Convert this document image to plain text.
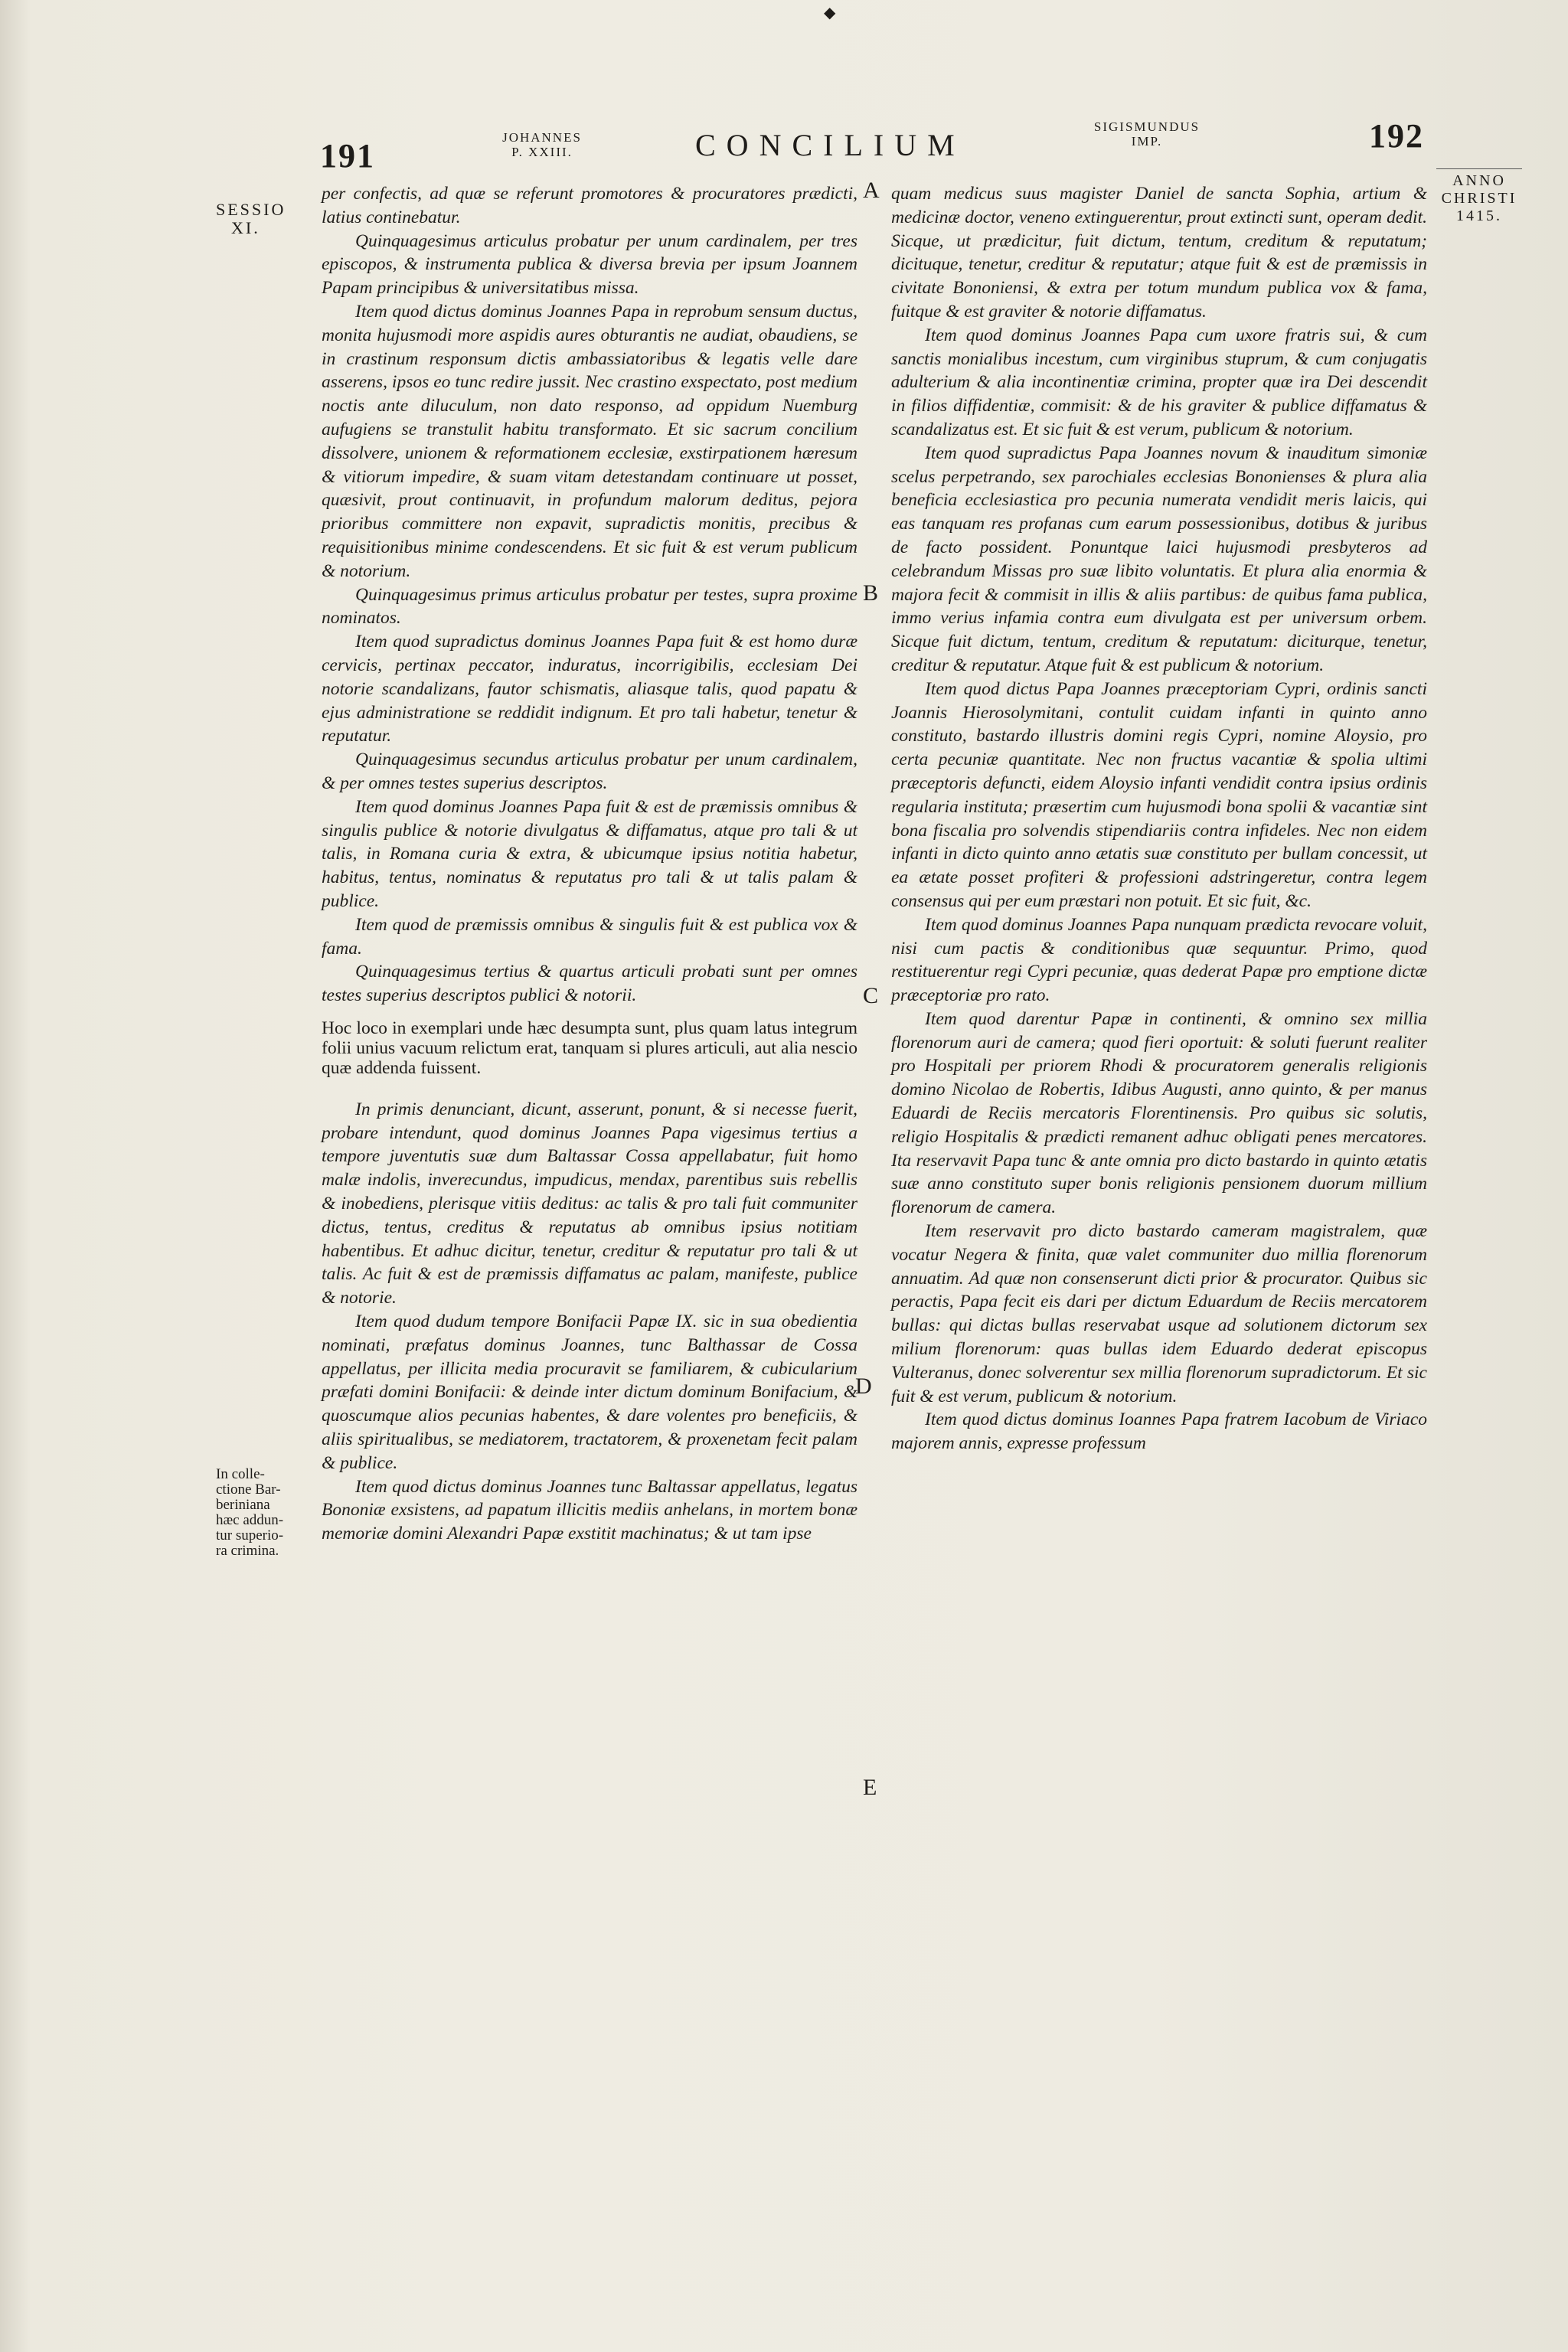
◆
191	JOHANNES
P. XXIII.	CONCILIUM
SIGISMUNDUS
IMP.	192
SESSIO
XI.
ANNO
CHRISTI
1415.
In colle-
ctione Bar-
beriniana
hæc addun-
tur superio-
ra crimina.
A
B
C
D
E

per confectis, ad quæ se referunt promotores & procuratores prædicti, latius continebatur.

Quinquagesimus articulus probatur per unum cardinalem, per tres episcopos, & instrumenta publica & diversa brevia per ipsum Joannem Papam principibus & universitatibus missa.

Item quod dictus dominus Joannes Papa in reprobum sensum ductus, monita hujusmodi more aspidis aures obturantis ne audiat, obaudiens, se in crastinum responsum dictis ambassiatoribus & legatis velle dare asserens, ipsos eo tunc redire jussit. Nec crastino exspectato, post medium noctis ante diluculum, non dato responso, ad oppidum Nuemburg aufugiens se transtulit habitu transformato. Et sic sacrum concilium dissolvere, unionem & reformationem ecclesiæ, exstirpationem hæresum & vitiorum impedire, & suam vitam detestandam continuare ut posset, quæsivit, prout continuavit, in profundum malorum deditus, pejora prioribus committere non expavit, supradictis monitis, precibus & requisitionibus minime condescendens. Et sic fuit & est verum publicum & notorium.

Quinquagesimus primus articulus probatur per testes, supra proxime nominatos.

Item quod supradictus dominus Joannes Papa fuit & est homo duræ cervicis, pertinax peccator, induratus, incorrigibilis, ecclesiam Dei notorie scandalizans, fautor schismatis, aliasque talis, quod papatu & ejus administratione se reddidit indignum. Et pro tali habetur, tenetur & reputatur.

Quinquagesimus secundus articulus probatur per unum cardinalem, & per omnes testes superius descriptos.

Item quod dominus Joannes Papa fuit & est de præmissis omnibus & singulis publice & notorie divulgatus & diffamatus, atque pro tali & ut talis, in Romana curia & extra, & ubicumque ipsius notitia habetur, habitus, tentus, nominatus & reputatus pro tali & ut talis palam & publice.

Item quod de præmissis omnibus & singulis fuit & est publica vox & fama.

Quinquagesimus tertius & quartus articuli probati sunt per omnes testes superius descriptos publici & notorii.

Hoc loco in exemplari unde hæc desumpta sunt, plus quam latus integrum folii unius vacuum relictum erat, tanquam si plures articuli, aut alia nescio quæ addenda fuissent.

In primis denunciant, dicunt, asserunt, ponunt, & si necesse fuerit, probare intendunt, quod dominus Joannes Papa vigesimus tertius a tempore juventutis suæ dum Baltassar Cossa appellabatur, fuit homo malæ indolis, inverecundus, impudicus, mendax, parentibus suis rebellis & inobediens, plerisque vitiis deditus: ac talis & pro tali fuit communiter dictus, tentus, creditus & reputatus ab omnibus ipsius notitiam habentibus. Et adhuc dicitur, tenetur, creditur & reputatur pro tali & ut talis. Ac fuit & est de præmissis diffamatus ac palam, manifeste, publice & notorie.

Item quod dudum tempore Bonifacii Papæ IX. sic in sua obedientia nominati, præfatus dominus Joannes, tunc Balthassar de Cossa appellatus, per illicita media procuravit se familiarem, & cubicularium præfati domini Bonifacii: & deinde inter dictum dominum Bonifacium, & quoscumque alios pecunias habentes, & dare volentes pro beneficiis, & aliis spiritualibus, se mediatorem, tractatorem, & proxenetam fecit palam & publice.

Item quod dictus dominus Joannes tunc Baltassar appellatus, legatus Bononiæ exsistens, ad papatum illicitis mediis anhelans, in mortem bonæ memoriæ domini Alexandri Papæ exstitit machinatus; & ut tam ipse

quam medicus suus magister Daniel de sancta Sophia, artium & medicinæ doctor, veneno extinguerentur, prout extincti sunt, operam dedit. Sicque, ut prædicitur, fuit dictum, tentum, creditum & reputatum; dicituque, tenetur, creditur & reputatur; atque fuit & est de præmissis in civitate Bononiensi, & extra per totum mundum publica vox & fama, fuitque & est graviter & notorie diffamatus.

Item quod dominus Joannes Papa cum uxore fratris sui, & cum sanctis monialibus incestum, cum virginibus stuprum, & cum conjugatis adulterium & alia incontinentiæ crimina, propter quæ ira Dei descendit in filios diffidentiæ, commisit: & de his graviter & publice diffamatus & scandalizatus est. Et sic fuit & est verum, publicum & notorium.

Item quod supradictus Papa Joannes novum & inauditum simoniæ scelus perpetrando, sex parochiales ecclesias Bononienses & plura alia beneficia ecclesiastica pro pecunia numerata vendidit meris laicis, qui eas tanquam res profanas cum earum possessionibus, dotibus & juribus de facto possident. Ponuntque laici hujusmodi presbyteros ad celebrandum Missas pro suæ libito voluntatis. Et plura alia enormia & majora fecit & commisit in illis & aliis partibus: de quibus fama publica, immo verius infamia contra eum divulgata est per universum orbem. Sicque fuit dictum, tentum, creditum & reputatum: diciturque, tenetur, creditur & reputatur. Atque fuit & est publicum & notorium.

Item quod dictus Papa Joannes præceptoriam Cypri, ordinis sancti Joannis Hierosolymitani, contulit cuidam infanti in quinto anno constituto, bastardo illustris domini regis Cypri, nomine Aloysio, pro certa pecuniæ quantitate. Nec non fructus vacantiæ & spolia ultimi præceptoris defuncti, eidem Aloysio infanti vendidit contra ipsius ordinis regularia instituta; præsertim cum hujusmodi bona spolii & vacantiæ sint bona fiscalia pro solvendis stipendiariis contra infideles. Nec non eidem infanti in dicto quinto anno ætatis suæ constituto per bullam concessit, ut ea ætate posset profiteri & professioni adstringeretur, contra legem consensus qui per eum præstari non potuit. Et sic fuit, &c.

Item quod dominus Joannes Papa nunquam prædicta revocare voluit, nisi cum pactis & conditionibus quæ sequuntur. Primo, quod restituerentur regi Cypri pecuniæ, quas dederat Papæ pro emptione dictæ præceptoriæ pro rato.

Item quod darentur Papæ in continenti, & omnino sex millia florenorum auri de camera; quod fieri oportuit: & soluti fuerunt realiter pro Hospitali per priorem Rhodi & procuratorem generalis religionis domino Nicolao de Robertis, Idibus Augusti, anno quinto, & per manus Eduardi de Reciis mercatoris Florentinensis. Pro quibus sic solutis, religio Hospitalis & prædicti remanent adhuc obligati penes mercatores. Ita reservavit Papa tunc & ante omnia pro dicto bastardo in quinto ætatis suæ anno constituto super bonis religionis pensionem duorum millium florenorum de camera.

Item reservavit pro dicto bastardo cameram magistralem, quæ vocatur Negera & finita, quæ valet communiter duo millia florenorum annuatim. Ad quæ non consenserunt dicti prior & procurator. Quibus sic peractis, Papa fecit eis dari per dictum Eduardum de Reciis mercatorem bullas: qui dictas bullas reservabat usque ad solutionem dictorum sex milium florenorum: quas bullas idem Eduardo dederat episcopus Vulteranus, donec solverentur sex millia florenorum supradictorum. Et sic fuit & est verum, publicum & notorium.

Item quod dictus dominus Ioannes Papa fratrem Iacobum de Viriaco majorem annis, expresse professum
